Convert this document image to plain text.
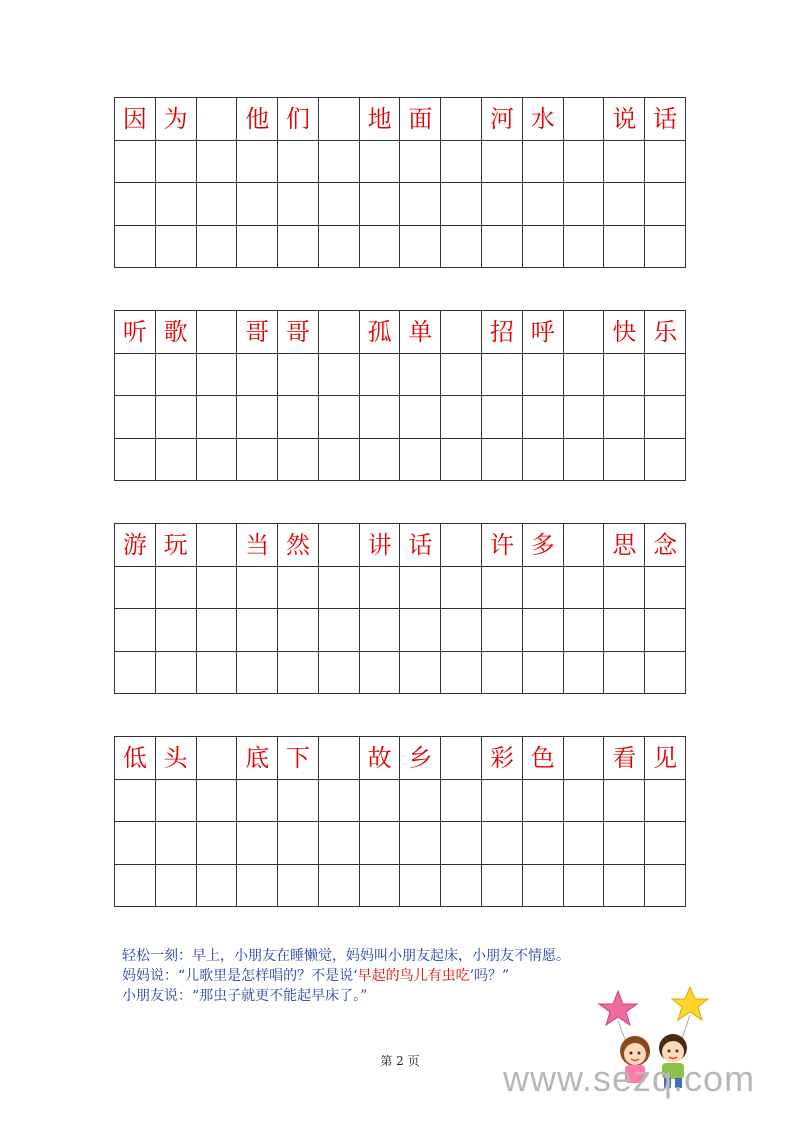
因 为	他 们	地 面	河 水	说 话
听 歌	哥 哥	孤 单	招 呼	快 乐
游 玩	当 然	讲 话	许 多	思 念
低 头	底 下	故 乡	彩 色	看 见
轻松一刻：早上，小朋友在睡懒觉，妈妈叫小朋友起床，小朋友不情愿。
妈妈说：“儿歌里是怎样唱的？不是说‘早起的鸟儿有虫吃’吗？”
小朋友说：“那虫子就更不能起早床了。”
第 2 页	www.sezq.com
